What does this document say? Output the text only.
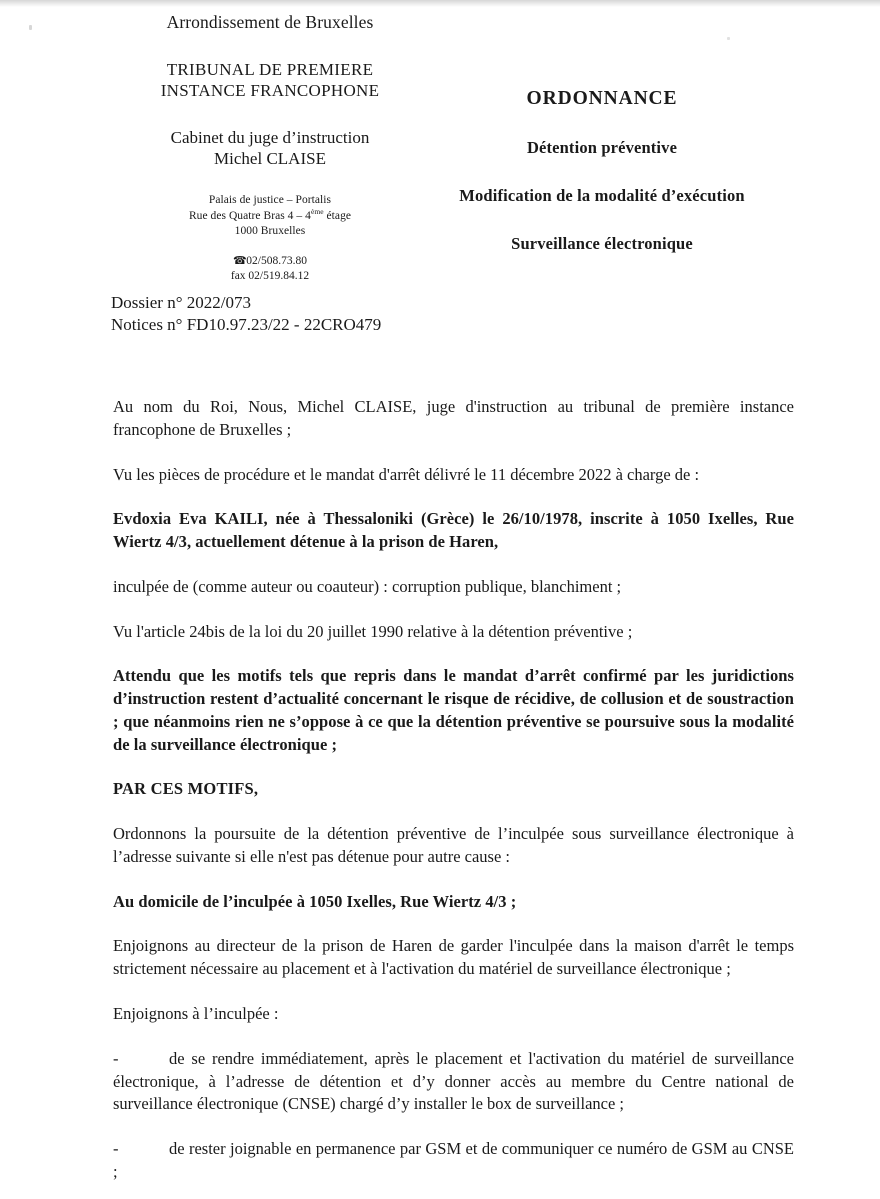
Arrondissement de Bruxelles
TRIBUNAL DE PREMIERE
INSTANCE FRANCOPHONE
Cabinet du juge d’instruction
Michel CLAISE
Palais de justice – Portalis
Rue des Quatre Bras 4 – 4ème étage
1000 Bruxelles
☎02/508.73.80
fax 02/519.84.12
ORDONNANCE
Détention préventive
Modification de la modalité d’exécution
Surveillance électronique
Dossier n° 2022/073
Notices n° FD10.97.23/22 - 22CRO479

Au nom du Roi, Nous, Michel CLAISE, juge d'instruction au tribunal de première instance francophone de Bruxelles ;

Vu les pièces de procédure et le mandat d'arrêt délivré le 11 décembre 2022 à charge de :

Evdoxia Eva KAILI, née à Thessaloniki (Grèce) le 26/10/1978, inscrite à 1050 Ixelles, Rue Wiertz 4/3, actuellement détenue à la prison de Haren,

inculpée de (comme auteur ou coauteur) : corruption publique, blanchiment ;

Vu l'article 24bis de la loi du 20 juillet 1990 relative à la détention préventive ;

Attendu que les motifs tels que repris dans le mandat d’arrêt confirmé par les juridictions d’instruction restent d’actualité concernant le risque de récidive, de collusion et de soustraction ; que néanmoins rien ne s’oppose à ce que la détention préventive se poursuive sous la modalité de la surveillance électronique ;

PAR CES MOTIFS,

Ordonnons la poursuite de la détention préventive de l’inculpée sous surveillance électronique à l’adresse suivante si elle n'est pas détenue pour autre cause :

Au domicile de l’inculpée à 1050 Ixelles, Rue Wiertz 4/3 ;

Enjoignons au directeur de la prison de Haren de garder l'inculpée dans la maison d'arrêt le temps strictement nécessaire au placement et à l'activation du matériel de surveillance électronique ;

Enjoignons à l’inculpée :

-	de se rendre immédiatement, après le placement et l'activation du matériel de surveillance électronique, à l’adresse de détention et d’y donner accès au membre du Centre national de surveillance électronique (CNSE) chargé d’y installer le box de surveillance ;

-	de rester joignable en permanence par GSM et de communiquer ce numéro de GSM au CNSE ;
